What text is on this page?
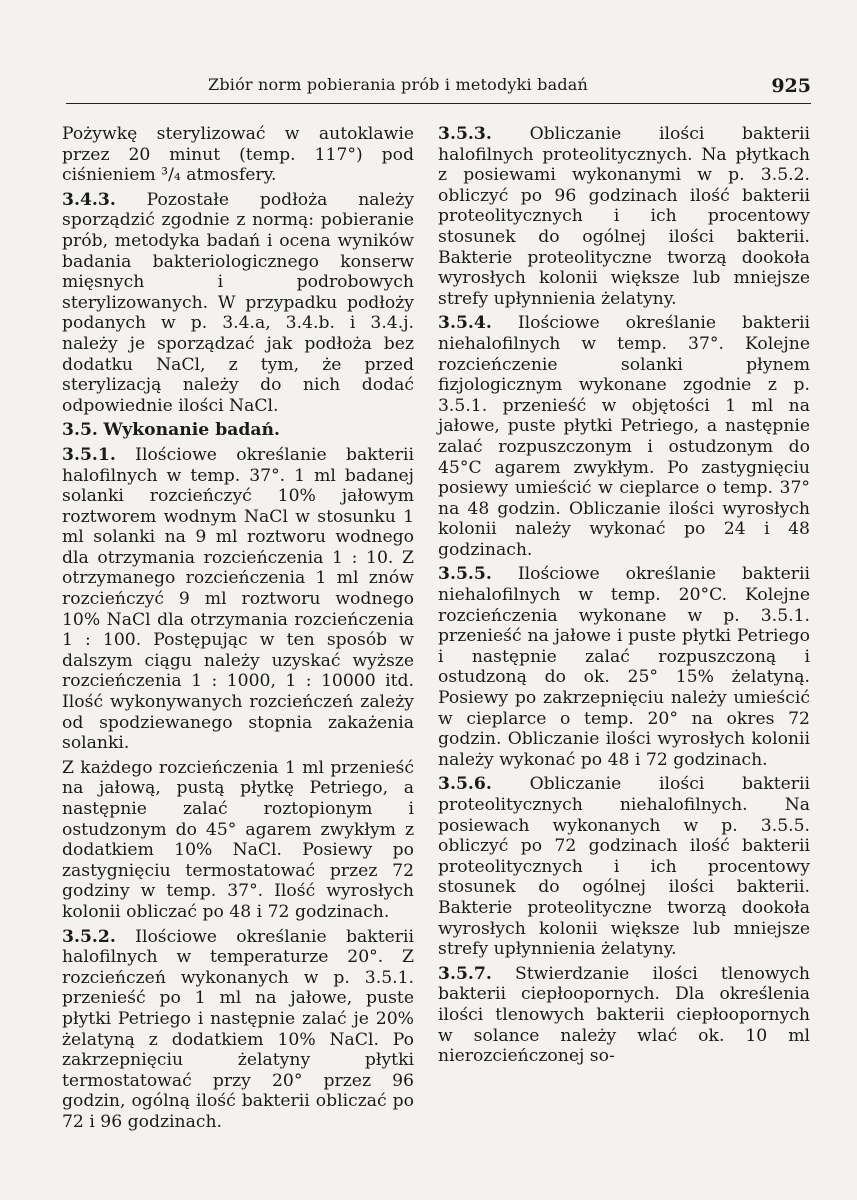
Zbiór norm pobierania prób i metodyki badań	925

Pożywkę sterylizować w autoklawie przez 20 minut (temp. 117°) pod ciśnieniem ³/₄ atmosfery.

3.4.3. Pozostałe podłoża należy sporządzić zgodnie z normą: pobieranie prób, metodyka badań i ocena wyników badania bakteriologicznego konserw mięsnych i podrobowych sterylizowanych. W przypadku podłoży podanych w p. 3.4.a, 3.4.b. i 3.4.j. należy je sporządzać jak podłoża bez dodatku NaCl, z tym, że przed sterylizacją należy do nich dodać odpowiednie ilości NaCl.

3.5. Wykonanie badań.

3.5.1. Ilościowe określanie bakterii halofilnych w temp. 37°. 1 ml badanej solanki rozcieńczyć 10% jałowym roztworem wodnym NaCl w stosunku 1 ml solanki na 9 ml roztworu wodnego dla otrzymania rozcieńczenia 1 : 10. Z otrzymanego rozcieńczenia 1 ml znów rozcieńczyć 9 ml roztworu wodnego 10% NaCl dla otrzymania rozcieńczenia 1 : 100. Postępując w ten sposób w dalszym ciągu należy uzyskać wyższe rozcieńczenia 1 : 1000, 1 : 10000 itd. Ilość wykonywanych rozcieńczeń zależy od spodziewanego stopnia zakażenia solanki.

Z każdego rozcieńczenia 1 ml przenieść na jałową, pustą płytkę Petriego, a następnie zalać roztopionym i ostudzonym do 45° agarem zwykłym z dodatkiem 10% NaCl. Posiewy po zastygnięciu termostatować przez 72 godziny w temp. 37°. Ilość wyrosłych kolonii obliczać po 48 i 72 godzinach.

3.5.2. Ilościowe określanie bakterii halofilnych w temperaturze 20°. Z rozcieńczeń wykonanych w p. 3.5.1. przenieść po 1 ml na jałowe, puste płytki Petriego i następnie zalać je 20% żelatyną z dodatkiem 10% NaCl. Po zakrzepnięciu żelatyny płytki termostatować przy 20° przez 96 godzin, ogólną ilość bakterii obliczać po 72 i 96 godzinach.

3.5.3. Obliczanie ilości bakterii halofilnych proteolitycznych. Na płytkach z posiewami wykonanymi w p. 3.5.2. obliczyć po 96 godzinach ilość bakterii proteolitycznych i ich procentowy stosunek do ogólnej ilości bakterii. Bakterie proteolityczne tworzą dookoła wyrosłych kolonii większe lub mniejsze strefy upłynnienia żelatyny.

3.5.4. Ilościowe określanie bakterii niehalofilnych w temp. 37°. Kolejne rozcieńczenie solanki płynem fizjologicznym wykonane zgodnie z p. 3.5.1. przenieść w objętości 1 ml na jałowe, puste płytki Petriego, a następnie zalać rozpuszczonym i ostudzonym do 45°C agarem zwykłym. Po zastygnięciu posiewy umieścić w cieplarce o temp. 37° na 48 godzin. Obliczanie ilości wyrosłych kolonii należy wykonać po 24 i 48 godzinach.

3.5.5. Ilościowe określanie bakterii niehalofilnych w temp. 20°C. Kolejne rozcieńczenia wykonane w p. 3.5.1. przenieść na jałowe i puste płytki Petriego i następnie zalać rozpuszczoną i ostudzoną do ok. 25° 15% żelatyną. Posiewy po zakrzepnięciu należy umieścić w cieplarce o temp. 20° na okres 72 godzin. Obliczanie ilości wyrosłych kolonii należy wykonać po 48 i 72 godzinach.

3.5.6. Obliczanie ilości bakterii proteolitycznych niehalofilnych. Na posiewach wykonanych w p. 3.5.5. obliczyć po 72 godzinach ilość bakterii proteolitycznych i ich procentowy stosunek do ogólnej ilości bakterii. Bakterie proteolityczne tworzą dookoła wyrosłych kolonii większe lub mniejsze strefy upłynnienia żelatyny.

3.5.7. Stwierdzanie ilości tlenowych bakterii ciepłoopornych. Dla określenia ilości tlenowych bakterii ciepłoopornych w solance należy wlać ok. 10 ml nierozcieńczonej so-
